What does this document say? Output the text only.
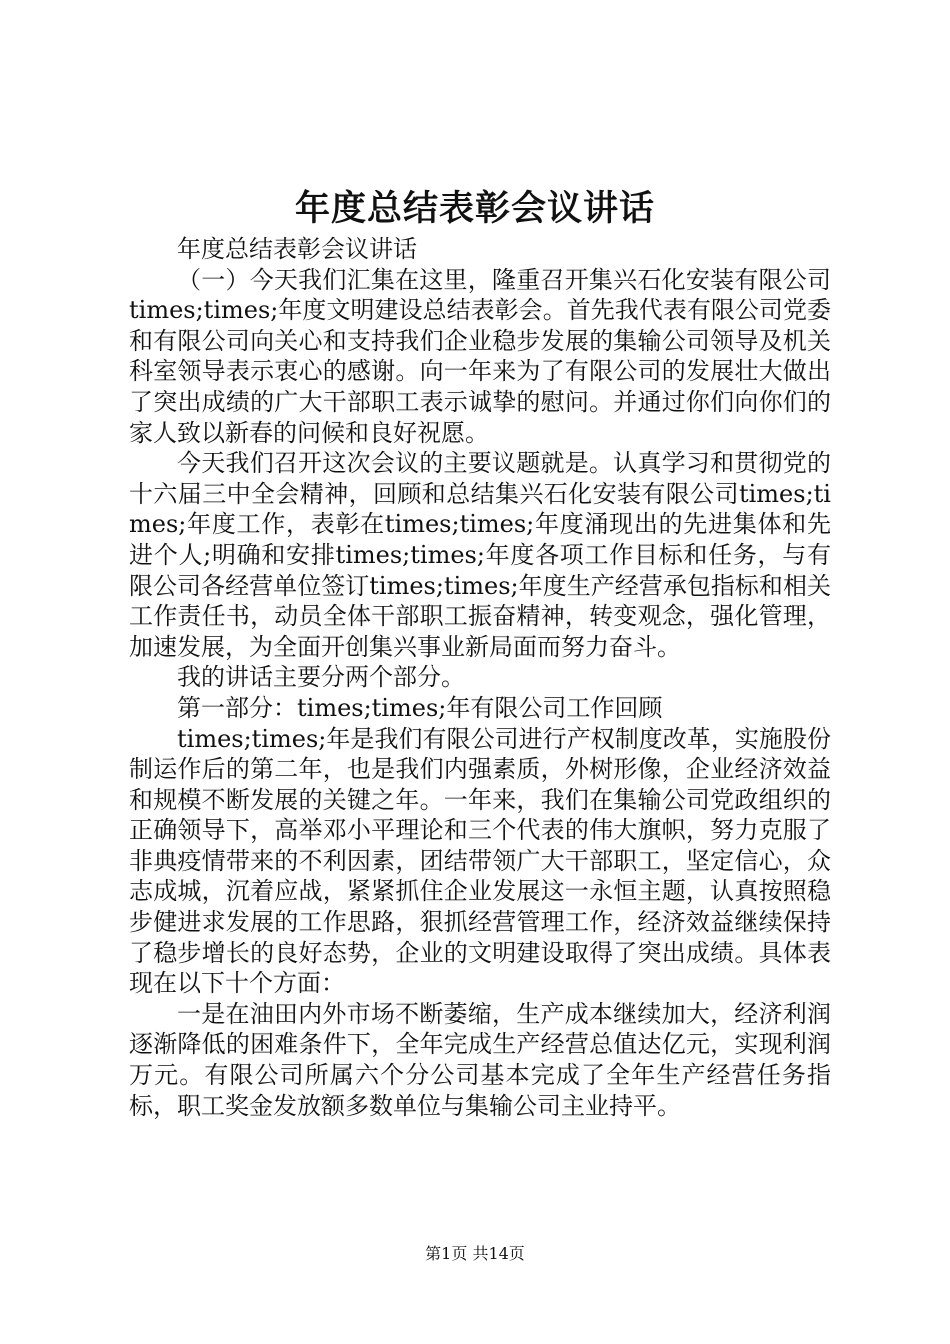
年度总结表彰会议讲话

年度总结表彰会议讲话

（一）今天我们汇集在这里，隆重召开集兴石化安装有限公司times;times;年度文明建设总结表彰会。首先我代表有限公司党委和有限公司向关心和支持我们企业稳步发展的集输公司领导及机关科室领导表示衷心的感谢。向一年来为了有限公司的发展壮大做出了突出成绩的广大干部职工表示诚挚的慰问。并通过你们向你们的家人致以新春的问候和良好祝愿。

今天我们召开这次会议的主要议题就是。认真学习和贯彻党的十六届三中全会精神，回顾和总结集兴石化安装有限公司times;times;年度工作，表彰在times;times;年度涌现出的先进集体和先进个人;明确和安排times;times;年度各项工作目标和任务，与有限公司各经营单位签订times;times;年度生产经营承包指标和相关工作责任书，动员全体干部职工振奋精神，转变观念，强化管理，加速发展，为全面开创集兴事业新局面而努力奋斗。

我的讲话主要分两个部分。

第一部分：times;times;年有限公司工作回顾

times;times;年是我们有限公司进行产权制度改革，实施股份制运作后的第二年，也是我们内强素质，外树形像，企业经济效益和规模不断发展的关键之年。一年来，我们在集输公司党政组织的正确领导下，高举邓小平理论和三个代表的伟大旗帜，努力克服了非典疫情带来的不利因素，团结带领广大干部职工，坚定信心，众志成城，沉着应战，紧紧抓住企业发展这一永恒主题，认真按照稳步健进求发展的工作思路，狠抓经营管理工作，经济效益继续保持了稳步增长的良好态势，企业的文明建设取得了突出成绩。具体表现在以下十个方面：

一是在油田内外市场不断萎缩，生产成本继续加大，经济利润逐渐降低的困难条件下，全年完成生产经营总值达亿元，实现利润万元。有限公司所属六个分公司基本完成了全年生产经营任务指标，职工奖金发放额多数单位与集输公司主业持平。

第1页 共14页
